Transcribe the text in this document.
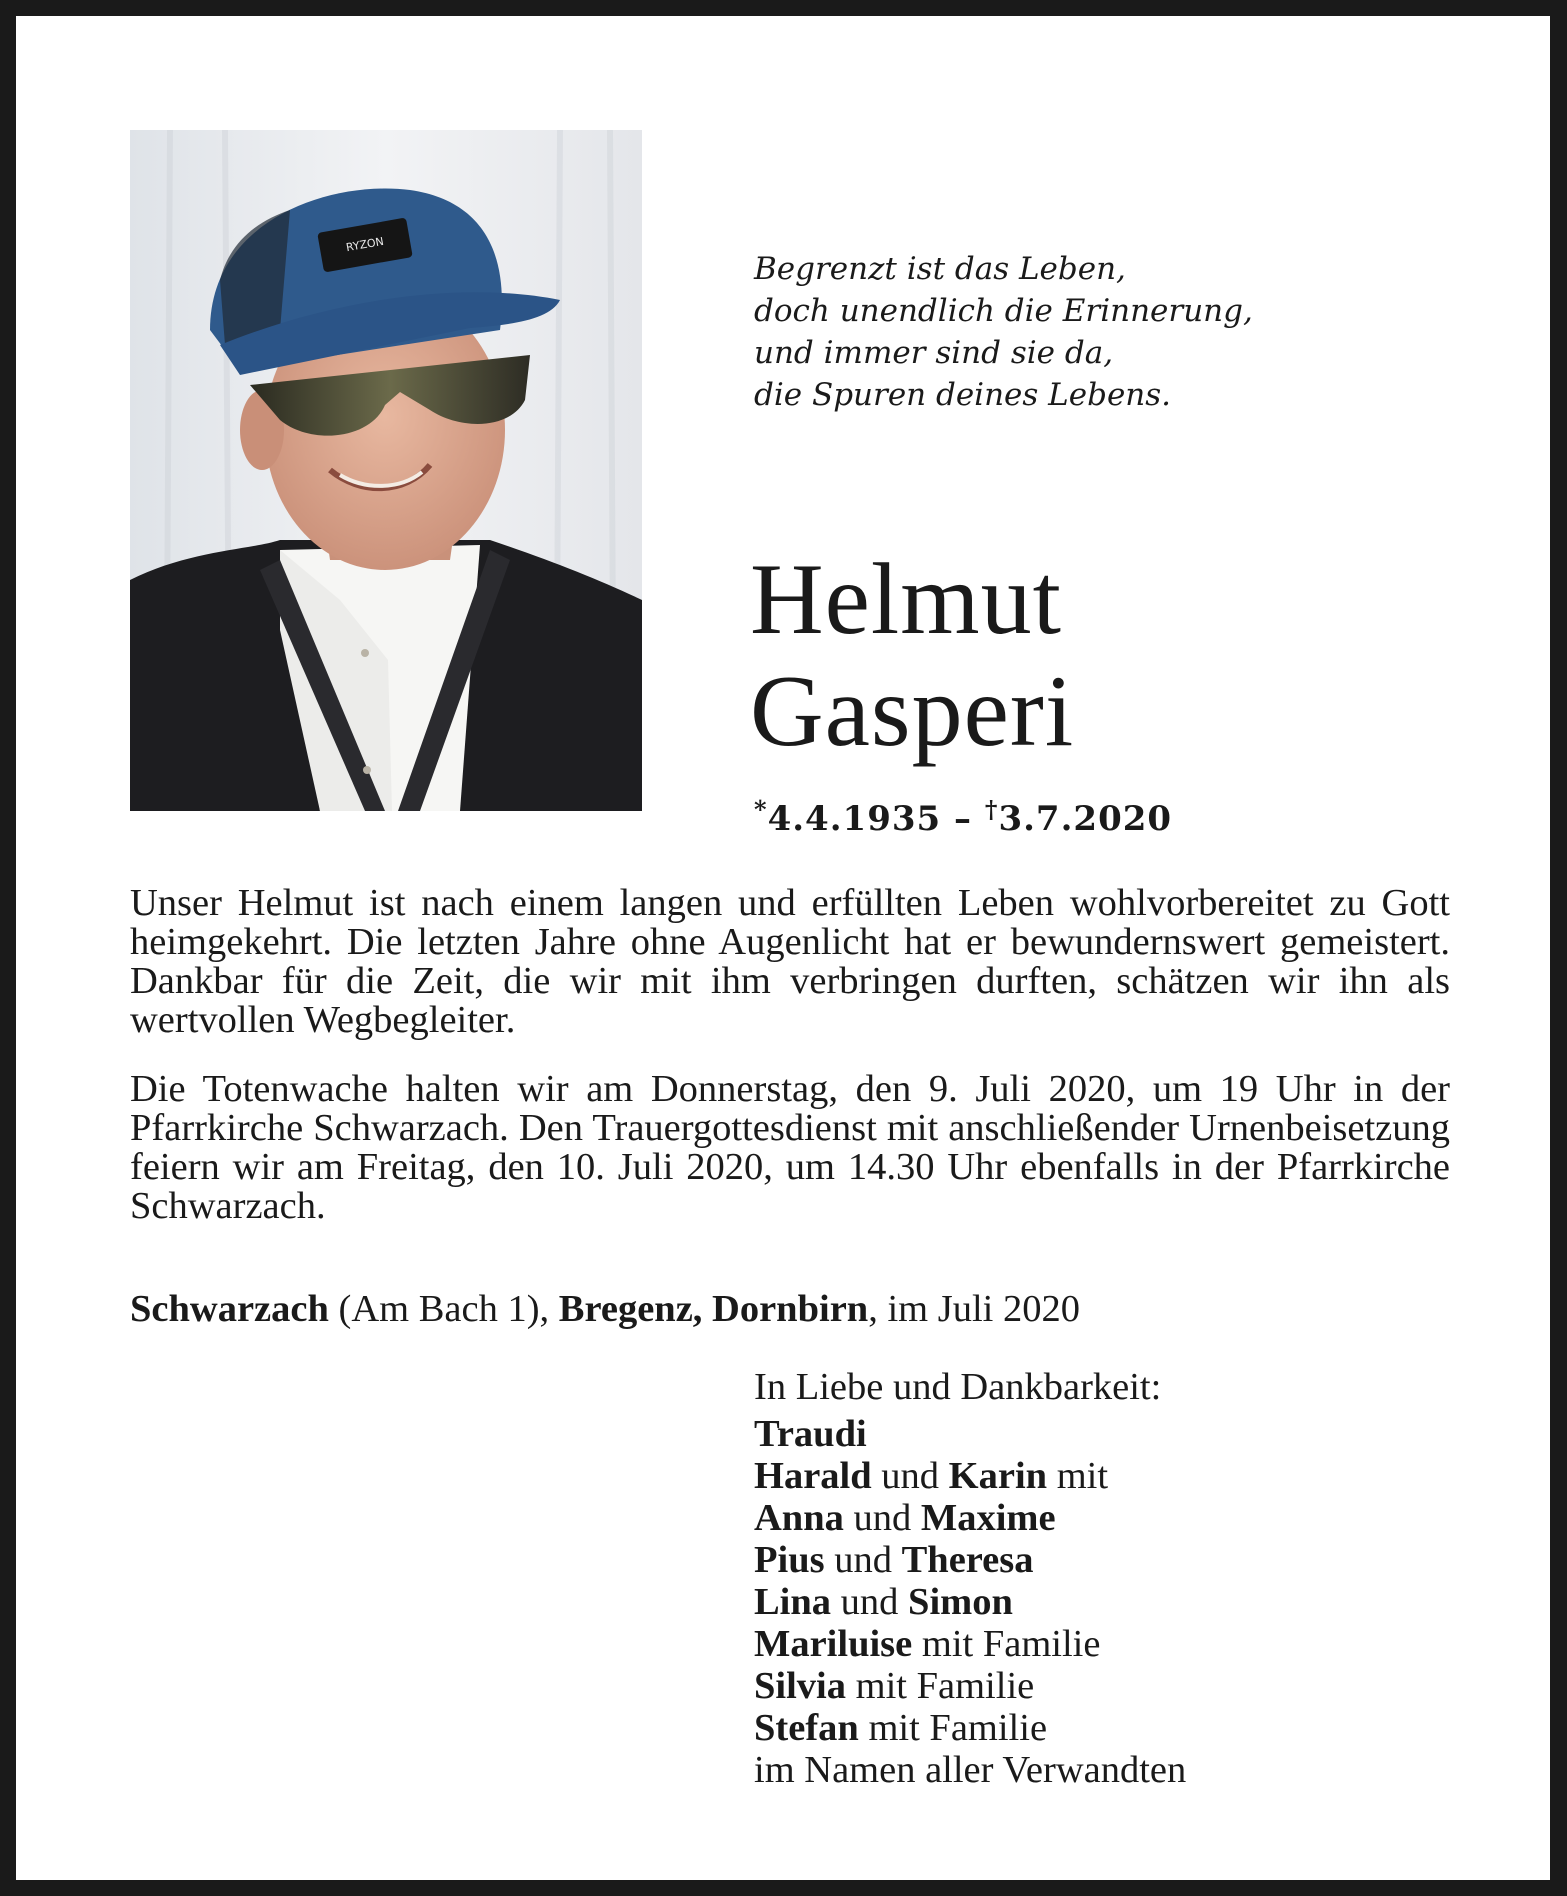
RYZON
Begrenzt ist das Leben,
doch unendlich die Erinnerung,
und immer sind sie da,
die Spuren deines Lebens.
Helmut
Gasperi
*4.4.1935 – †3.7.2020
Unser Helmut ist nach einem langen und erfüllten Leben wohlvorbereitet zu Gott heimgekehrt. Die letzten Jahre ohne Augenlicht hat er bewundernswert gemeistert. Dankbar für die Zeit, die wir mit ihm verbringen durften, schätzen wir ihn als wertvollen Wegbegleiter.
Die Totenwache halten wir am Donnerstag, den 9. Juli 2020, um 19 Uhr in der Pfarrkirche Schwarzach. Den Trauergottesdienst mit anschließender Urnenbeisetzung feiern wir am Freitag, den 10. Juli 2020, um 14.30 Uhr ebenfalls in der Pfarrkirche Schwarzach.
Schwarzach (Am Bach 1), Bregenz, Dornbirn, im Juli 2020
In Liebe und Dankbarkeit:
Traudi
Harald und Karin mit
Anna und Maxime
Pius und Theresa
Lina und Simon
Mariluise mit Familie
Silvia mit Familie
Stefan mit Familie
im Namen aller Verwandten
